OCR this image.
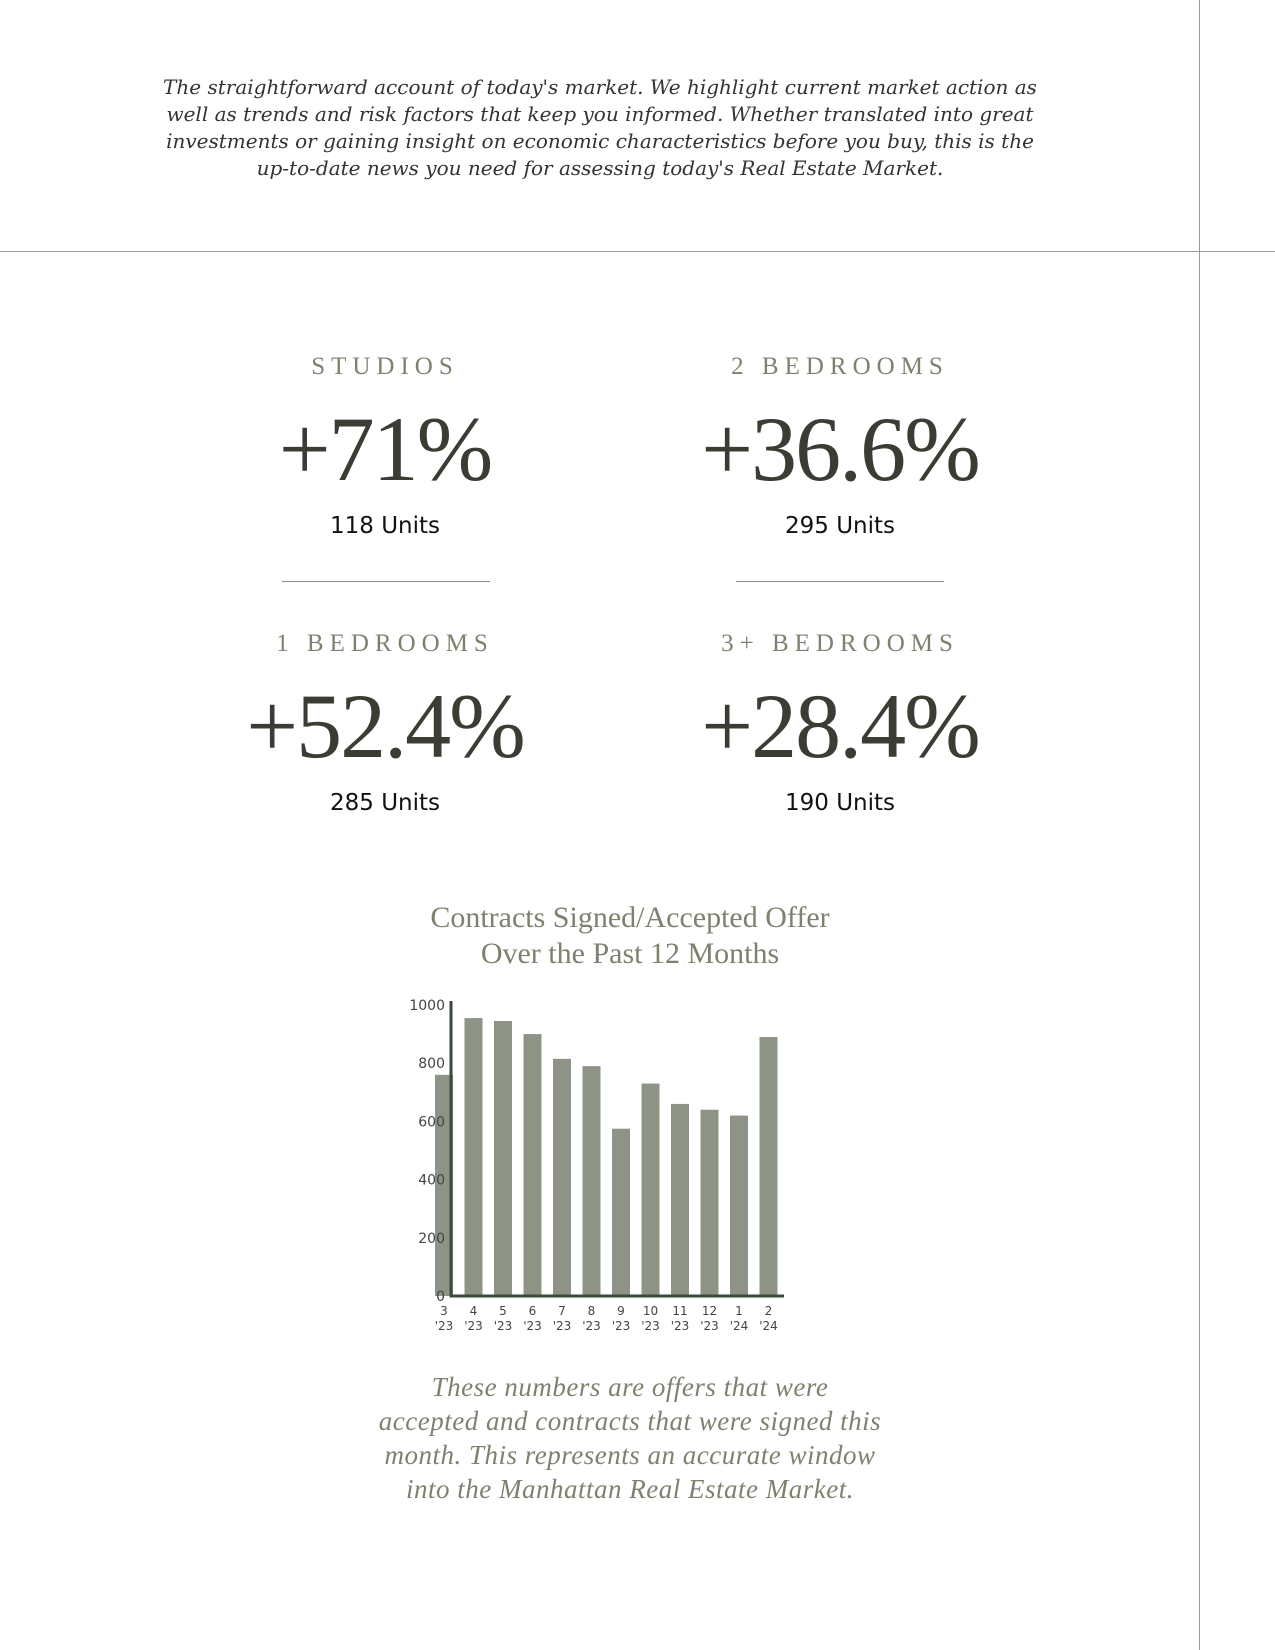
The straightforward account of today's market. We highlight current market action as well as trends and risk factors that keep you informed. Whether translated into great investments or gaining insight on economic characteristics before you buy, this is the up-to-date news you need for assessing today's Real Estate Market.
STUDIOS
+71%
118 Units
2 BEDROOMS
+36.6%
295 Units
1 BEDROOMS
+52.4%
285 Units
3+ BEDROOMS
+28.4%
190 Units
Contracts Signed/Accepted Offer
Over the Past 12 Months
0
200
400
600
800
1000
3
'23
4
'23
5
'23
6
'23
7
'23
8
'23
9
'23
10
'23
11
'23
12
'23
1
'24
2
'24
These numbers are offers that were
accepted and contracts that were signed this
month. This represents an accurate window
into the Manhattan Real Estate Market.
